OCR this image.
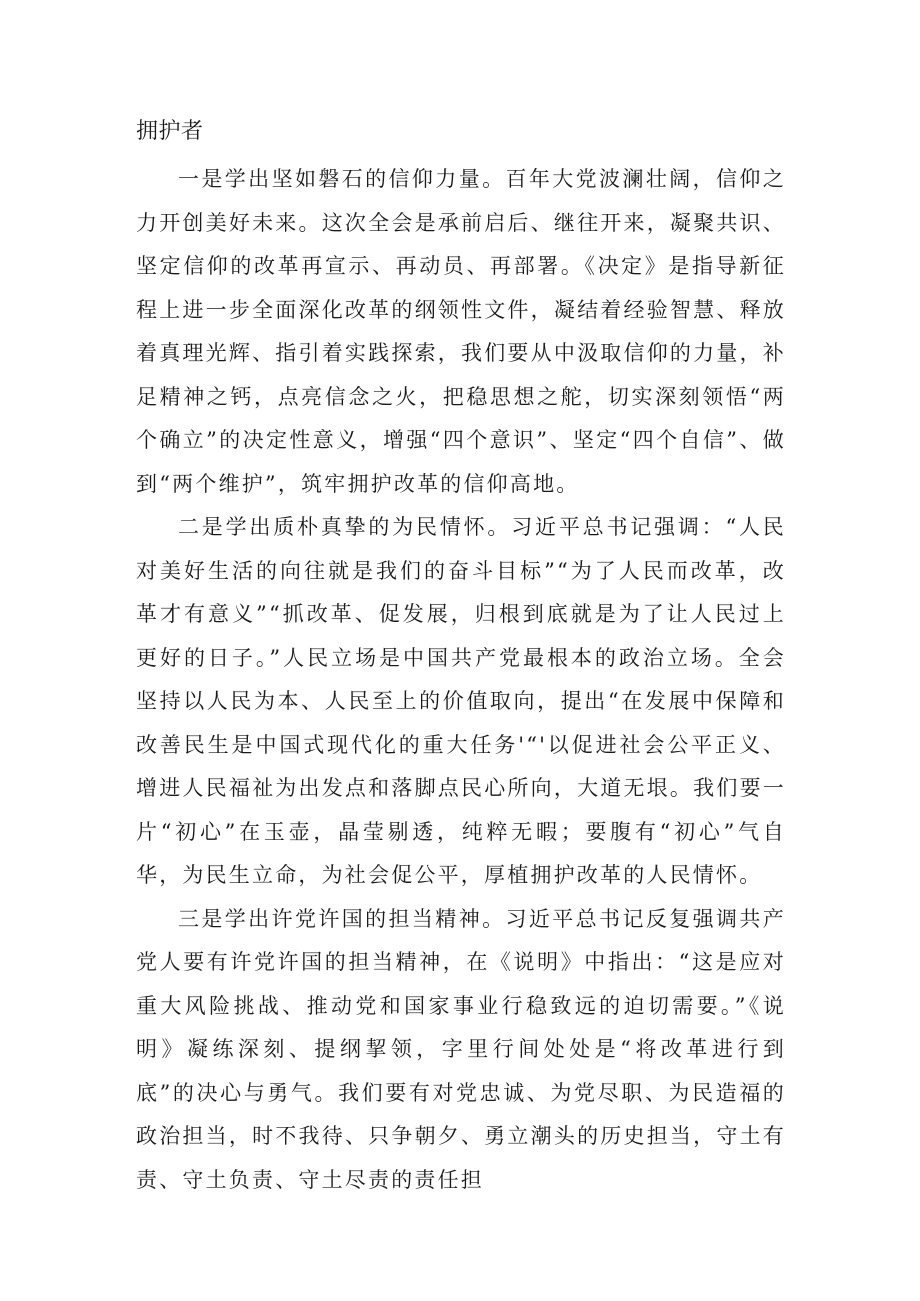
拥护者

一是学出坚如磐石的信仰力量。百年大党波澜壮阔，信仰之力开创美好未来。这次全会是承前启后、继往开来，凝聚共识、坚定信仰的改革再宣示、再动员、再部署。《决定》是指导新征程上进一步全面深化改革的纲领性文件，凝结着经验智慧、释放着真理光辉、指引着实践探索，我们要从中汲取信仰的力量，补足精神之钙，点亮信念之火，把稳思想之舵，切实深刻领悟“两个确立”的决定性意义，增强“四个意识”、坚定“四个自信”、做到“两个维护”，筑牢拥护改革的信仰高地。

二是学出质朴真挚的为民情怀。习近平总书记强调：“人民对美好生活的向往就是我们的奋斗目标”“为了人民而改革，改革才有意义”“抓改革、促发展，归根到底就是为了让人民过上更好的日子。”人民立场是中国共产党最根本的政治立场。全会坚持以人民为本、人民至上的价值取向，提出“在发展中保障和改善民生是中国式现代化的重大任务'“'以促进社会公平正义、增进人民福祉为出发点和落脚点民心所向，大道无垠。我们要一片“初心”在玉壶，晶莹剔透，纯粹无暇；要腹有“初心”气自华，为民生立命，为社会促公平，厚植拥护改革的人民情怀。

三是学出许党许国的担当精神。习近平总书记反复强调共产党人要有许党许国的担当精神，在《说明》中指出：“这是应对重大风险挑战、推动党和国家事业行稳致远的迫切需要。”《说明》凝练深刻、提纲挈领，字里行间处处是“将改革进行到底”的决心与勇气。我们要有对党忠诚、为党尽职、为民造福的政治担当，时不我待、只争朝夕、勇立潮头的历史担当，守土有责、守土负责、守土尽责的责任担
